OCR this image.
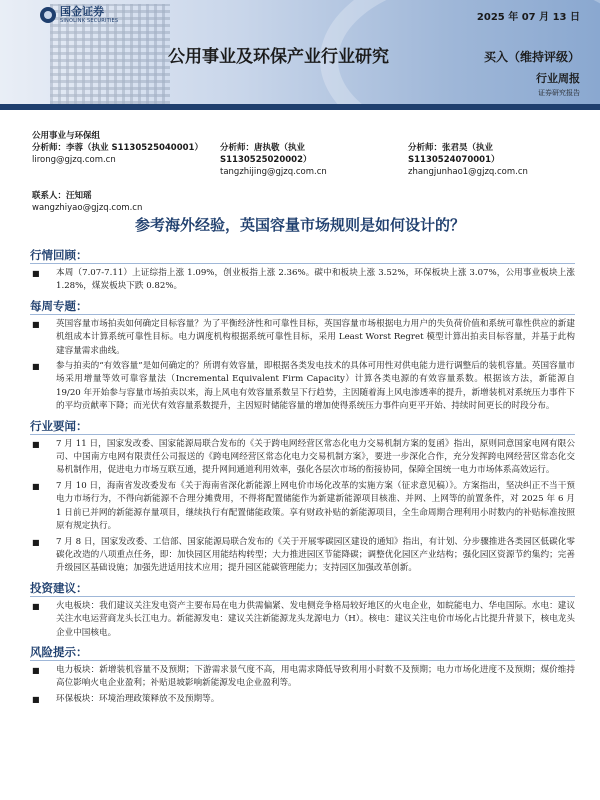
国金证券
SINOLINK SECURITIES	2025 年 07 月 13 日
公用事业及环保产业行业研究	买入（维持评级）
行业周报
证券研究报告
公用事业与环保组
分析师：李蓉（执业 S1130525040001）
lirong@gjzq.com.cn
分析师：唐执敬（执业 S1130525020002）
tangzhijing@gjzq.com.cn
分析师：张君昊（执业 S1130524070001）
zhangjunhao1@gjzq.com.cn
联系人：汪知瑶
wangzhiyao@gjzq.com.cn
参考海外经验，英国容量市场规则是如何设计的？
行情回顾：
■	本周（7.07-7.11）上证综指上涨 1.09%，创业板指上涨 2.36%。碳中和板块上涨 3.52%，环保板块上涨 3.07%，公用事业板块上涨 1.28%，煤炭板块下跌 0.82%。
每周专题：
■	英国容量市场拍卖如何确定目标容量？为了平衡经济性和可靠性目标，英国容量市场根据电力用户的失负荷价值和系统可靠性供应的新建机组成本计算系统可靠性目标。电力调度机构根据系统可靠性目标，采用 Least Worst Regret 模型计算出拍卖目标容量，并基于此构建容量需求曲线。
■	参与拍卖的“有效容量”是如何确定的？所谓有效容量，即根据各类发电技术的具体可用性对供电能力进行调整后的装机容量。英国容量市场采用增量等效可靠容量法（Incremental Equivalent Firm Capacity）计算各类电源的有效容量系数。根据该方法，新能源自 19/20 年开始参与容量市场拍卖以来，海上风电有效容量系数呈下行趋势，主因随着海上风电渗透率的提升，新增装机对系统压力事件下的平均贡献率下降；而光伏有效容量系数提升，主因短时储能容量的增加使得系统压力事件向更平开始、持续时间更长的时段分布。
行业要闻：
■	7 月 11 日，国家发改委、国家能源局联合发布的《关于跨电网经营区常态化电力交易机制方案的复函》指出，原则同意国家电网有限公司、中国南方电网有限责任公司报送的《跨电网经营区常态化电力交易机制方案》，要进一步深化合作，充分发挥跨电网经营区常态化交易机制作用，促进电力市场互联互通，提升网间通道利用效率，强化各层次市场的衔接协同，保障全国统一电力市场体系高效运行。
■	7 月 10 日，海南省发改委发布《关于海南省深化新能源上网电价市场化改革的实施方案（征求意见稿）》。方案指出，坚决纠正不当干预电力市场行为，不得向新能源不合理分摊费用，不得将配置储能作为新建新能源项目核准、并网、上网等的前置条件，对 2025 年 6 月 1 日前已并网的新能源存量项目，继续执行有配置储能政策。享有财政补贴的新能源项目，全生命周期合理利用小时数内的补贴标准按照原有规定执行。
■	7 月 8 日，国家发改委、工信部、国家能源局联合发布的《关于开展零碳园区建设的通知》指出，有计划、分步骤推进各类园区低碳化零碳化改造的八项重点任务，即：加快园区用能结构转型；大力推进园区节能降碳；调整优化园区产业结构；强化园区资源节约集约；完善升级园区基础设施；加强先进适用技术应用；提升园区能碳管理能力；支持园区加强改革创新。
投资建议：
■	火电板块：我们建议关注发电资产主要布局在电力供需偏紧、发电侧竞争格局较好地区的火电企业，如皖能电力、华电国际。水电：建议关注水电运营商龙头长江电力。新能源发电：建议关注新能源龙头龙源电力（H）。核电：建议关注电价市场化占比提升背景下，核电龙头企业中国核电。
风险提示：
■	电力板块：新增装机容量不及预期；下游需求景气度不高，用电需求降低导致利用小时数不及预期；电力市场化进度不及预期；煤价维持高位影响火电企业盈利；补贴退坡影响新能源发电企业盈利等。
■	环保板块：环境治理政策释放不及预期等。
